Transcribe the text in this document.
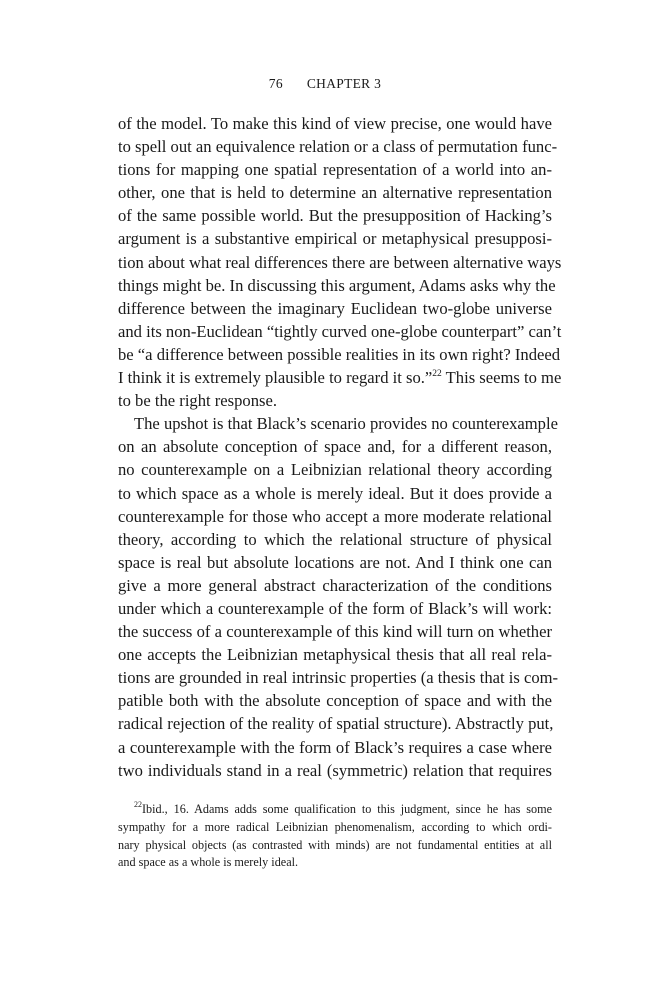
76 CHAPTER 3
of the model. To make this kind of view precise, one would have
to spell out an equivalence relation or a class of permutation func-
tions for mapping one spatial representation of a world into an-
other, one that is held to determine an alternative representation
of the same possible world. But the presupposition of Hacking’s
argument is a substantive empirical or metaphysical presupposi-
tion about what real differences there are between alternative ways
things might be. In discussing this argument, Adams asks why the
difference between the imaginary Euclidean two-globe universe
and its non-Euclidean “tightly curved one-globe counterpart” can’t
be “a difference between possible realities in its own right? Indeed
I think it is extremely plausible to regard it so.”$^{22}$ This seems to me
to be the right response.
The upshot is that Black’s scenario provides no counterexample
on an absolute conception of space and, for a different reason,
no counterexample on a Leibnizian relational theory according
to which space as a whole is merely ideal. But it does provide a
counterexample for those who accept a more moderate relational
theory, according to which the relational structure of physical
space is real but absolute locations are not. And I think one can
give a more general abstract characterization of the conditions
under which a counterexample of the form of Black’s will work:
the success of a counterexample of this kind will turn on whether
one accepts the Leibnizian metaphysical thesis that all real rela-
tions are grounded in real intrinsic properties (a thesis that is com-
patible both with the absolute conception of space and with the
radical rejection of the reality of spatial structure). Abstractly put,
a counterexample with the form of Black’s requires a case where
two individuals stand in a real (symmetric) relation that requires
$^{22}$Ibid., 16. Adams adds some qualification to this judgment, since he has some
sympathy for a more radical Leibnizian phenomenalism, according to which ordi-
nary physical objects (as contrasted with minds) are not fundamental entities at all
and space as a whole is merely ideal.
